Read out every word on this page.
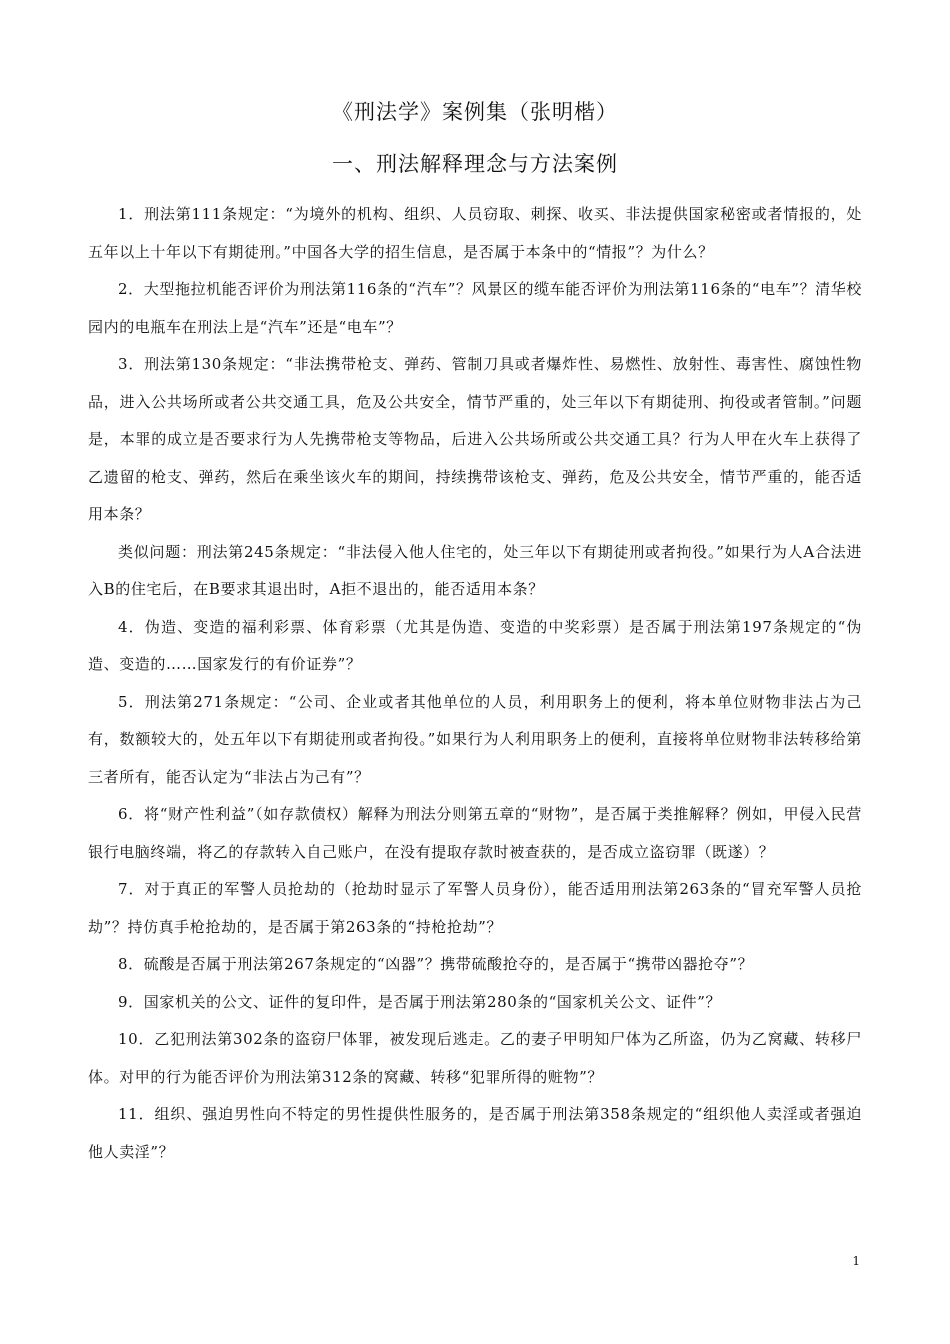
《刑法学》案例集（张明楷）
一、刑法解释理念与方法案例

1．刑法第111条规定：“为境外的机构、组织、人员窃取、刺探、收买、非法提供国家秘密或者情报的，处五年以上十年以下有期徒刑。”中国各大学的招生信息，是否属于本条中的“情报”？为什么？

2．大型拖拉机能否评价为刑法第116条的“汽车”？风景区的缆车能否评价为刑法第116条的“电车”？清华校园内的电瓶车在刑法上是“汽车”还是“电车”？

3．刑法第130条规定：“非法携带枪支、弹药、管制刀具或者爆炸性、易燃性、放射性、毒害性、腐蚀性物品，进入公共场所或者公共交通工具，危及公共安全，情节严重的，处三年以下有期徒刑、拘役或者管制。”问题是，本罪的成立是否要求行为人先携带枪支等物品，后进入公共场所或公共交通工具？行为人甲在火车上获得了乙遗留的枪支、弹药，然后在乘坐该火车的期间，持续携带该枪支、弹药，危及公共安全，情节严重的，能否适用本条？

类似问题：刑法第245条规定：“非法侵入他人住宅的，处三年以下有期徒刑或者拘役。”如果行为人A合法进入B的住宅后，在B要求其退出时，A拒不退出的，能否适用本条？

4．伪造、变造的福利彩票、体育彩票（尤其是伪造、变造的中奖彩票）是否属于刑法第197条规定的“伪造、变造的……国家发行的有价证券”？

5．刑法第271条规定：“公司、企业或者其他单位的人员，利用职务上的便利，将本单位财物非法占为己有，数额较大的，处五年以下有期徒刑或者拘役。”如果行为人利用职务上的便利，直接将单位财物非法转移给第三者所有，能否认定为“非法占为己有”？

6．将“财产性利益”（如存款债权）解释为刑法分则第五章的“财物”，是否属于类推解释？例如，甲侵入民营银行电脑终端，将乙的存款转入自己账户，在没有提取存款时被查获的，是否成立盗窃罪（既遂）？

7．对于真正的军警人员抢劫的（抢劫时显示了军警人员身份），能否适用刑法第263条的“冒充军警人员抢劫”？持仿真手枪抢劫的，是否属于第263条的“持枪抢劫”？

8．硫酸是否属于刑法第267条规定的“凶器”？携带硫酸抢夺的，是否属于“携带凶器抢夺”？

9．国家机关的公文、证件的复印件，是否属于刑法第280条的“国家机关公文、证件”？

10．乙犯刑法第302条的盗窃尸体罪，被发现后逃走。乙的妻子甲明知尸体为乙所盗，仍为乙窝藏、转移尸体。对甲的行为能否评价为刑法第312条的窝藏、转移“犯罪所得的赃物”？

11．组织、强迫男性向不特定的男性提供性服务的，是否属于刑法第358条规定的“组织他人卖淫或者强迫他人卖淫”？

1
